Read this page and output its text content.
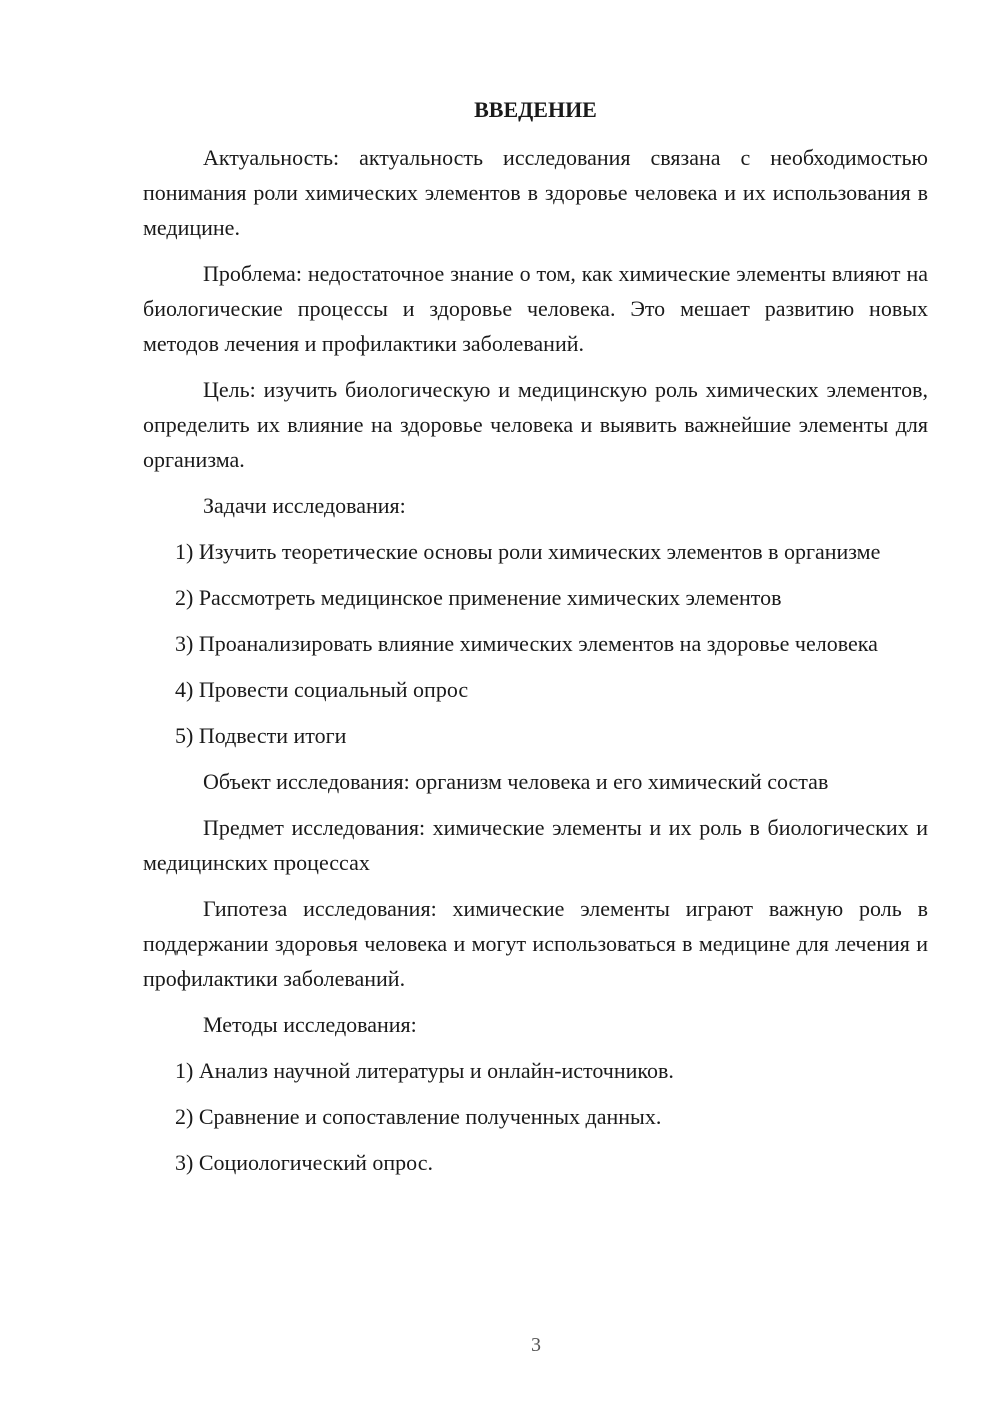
ВВЕДЕНИЕ

Актуальность: актуальность исследования связана с необходимостью понимания роли химических элементов в здоровье человека и их использования в медицине.

Проблема: недостаточное знание о том, как химические элементы влияют на биологические процессы и здоровье человека. Это мешает развитию новых методов лечения и профилактики заболеваний.

Цель: изучить биологическую и медицинскую роль химических элементов, определить их влияние на здоровье человека и выявить важнейшие элементы для организма.

Задачи исследования:

1) Изучить теоретические основы роли химических элементов в организме

2) Рассмотреть медицинское применение химических элементов

3) Проанализировать влияние химических элементов на здоровье человека

4) Провести социальный опрос

5) Подвести итоги

Объект исследования: организм человека и его химический состав

Предмет исследования: химические элементы и их роль в биологических и медицинских процессах

Гипотеза исследования: химические элементы играют важную роль в поддержании здоровья человека и могут использоваться в медицине для лечения и профилактики заболеваний.

Методы исследования:

1) Анализ научной литературы и онлайн-источников.

2) Сравнение и сопоставление полученных данных.

3) Социологический опрос.

3
